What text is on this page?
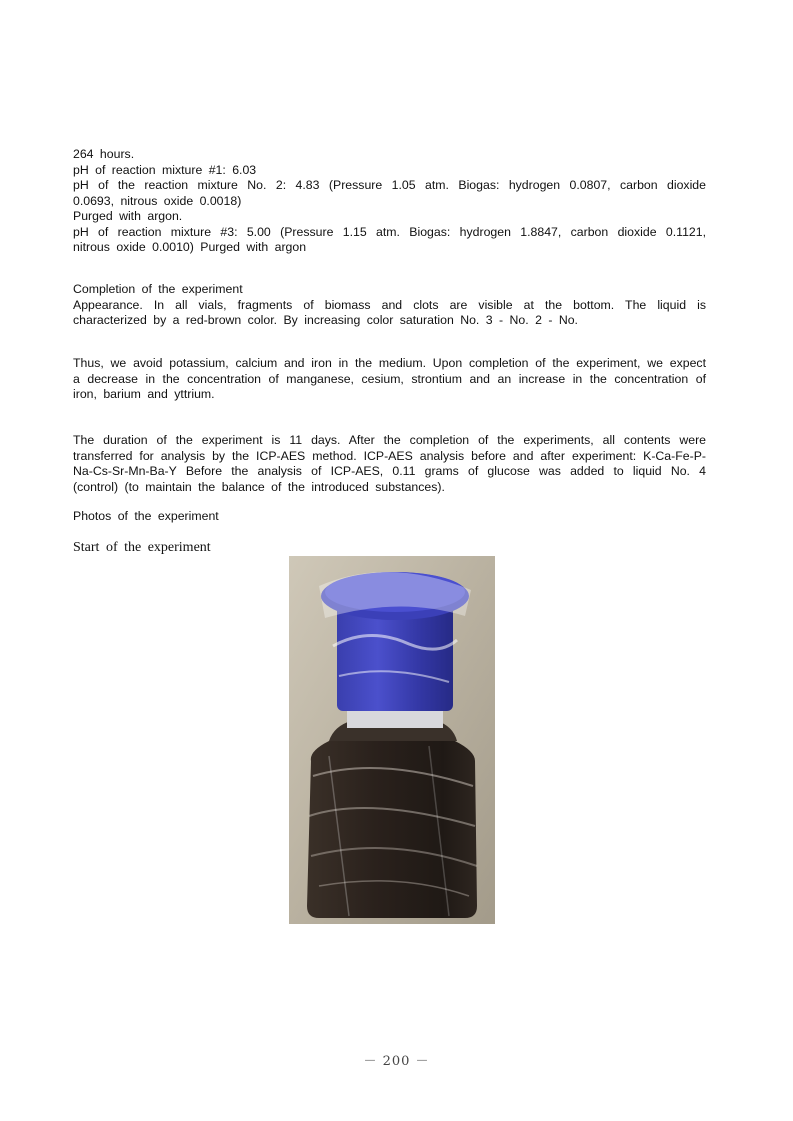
264 hours.
pH of reaction mixture #1: 6.03
pH of the reaction mixture No. 2: 4.83 (Pressure 1.05 atm. Biogas: hydrogen 0.0807, carbon dioxide 0.0693, nitrous oxide 0.0018)
Purged with argon.
pH of reaction mixture #3: 5.00 (Pressure 1.15 atm. Biogas: hydrogen 1.8847, carbon dioxide 0.1121, nitrous oxide 0.0010) Purged with argon
Completion of the experiment
Appearance. In all vials, fragments of biomass and clots are visible at the bottom. The liquid is characterized by a red-brown color. By increasing color saturation No. 3 - No. 2 - No.
Thus, we avoid potassium, calcium and iron in the medium. Upon completion of the experiment, we expect a decrease in the concentration of manganese, cesium, strontium and an increase in the concentration of iron, barium and yttrium.
The duration of the experiment is 11 days. After the completion of the experiments, all contents were transferred for analysis by the ICP-AES method. ICP-AES analysis before and after experiment: K-Ca-Fe-P-Na-Cs-Sr-Mn-Ba-Y Before the analysis of ICP-AES, 0.11 grams of glucose was added to liquid No. 4 (control) (to maintain the balance of the introduced substances).
Photos of the experiment
Start of the experiment
－ 200 －
